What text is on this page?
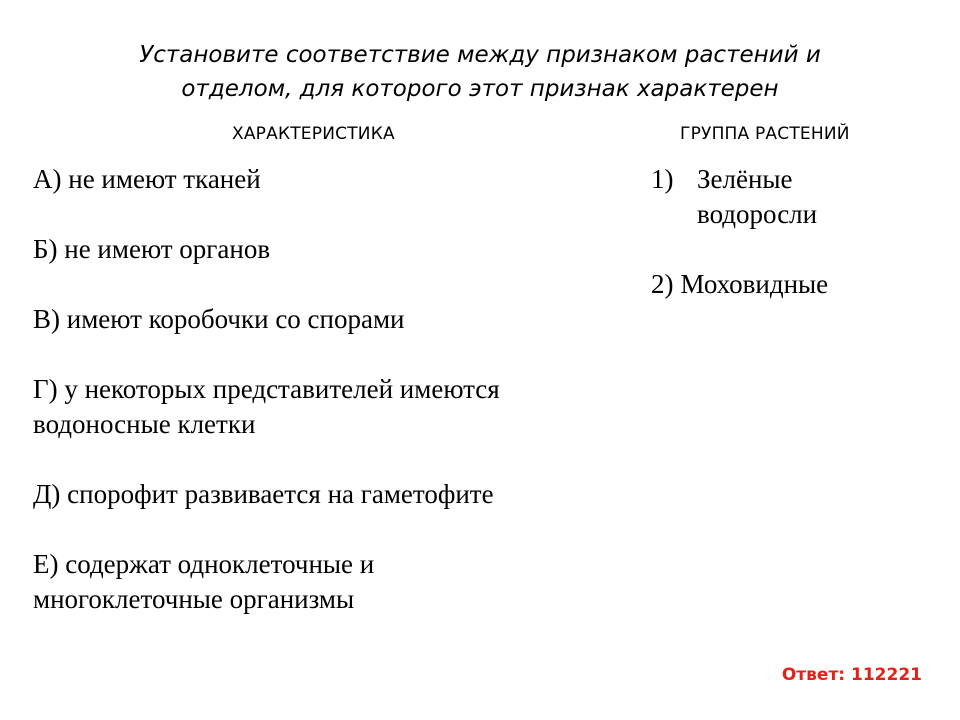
Установите соответствие между признаком растений и
отделом, для которого этот признак характерен
ХАРАКТЕРИСТИКА	ГРУППА РАСТЕНИЙ
А) не имеют тканей
Б) не имеют органов
В) имеют коробочки со спорами
Г) у некоторых представителей имеются
водоносные клетки
Д) спорофит развивается на гаметофите
Е) содержат одноклеточные и
многоклеточные организмы
1) Зелёные
водоросли
2) Моховидные
Ответ: 112221
